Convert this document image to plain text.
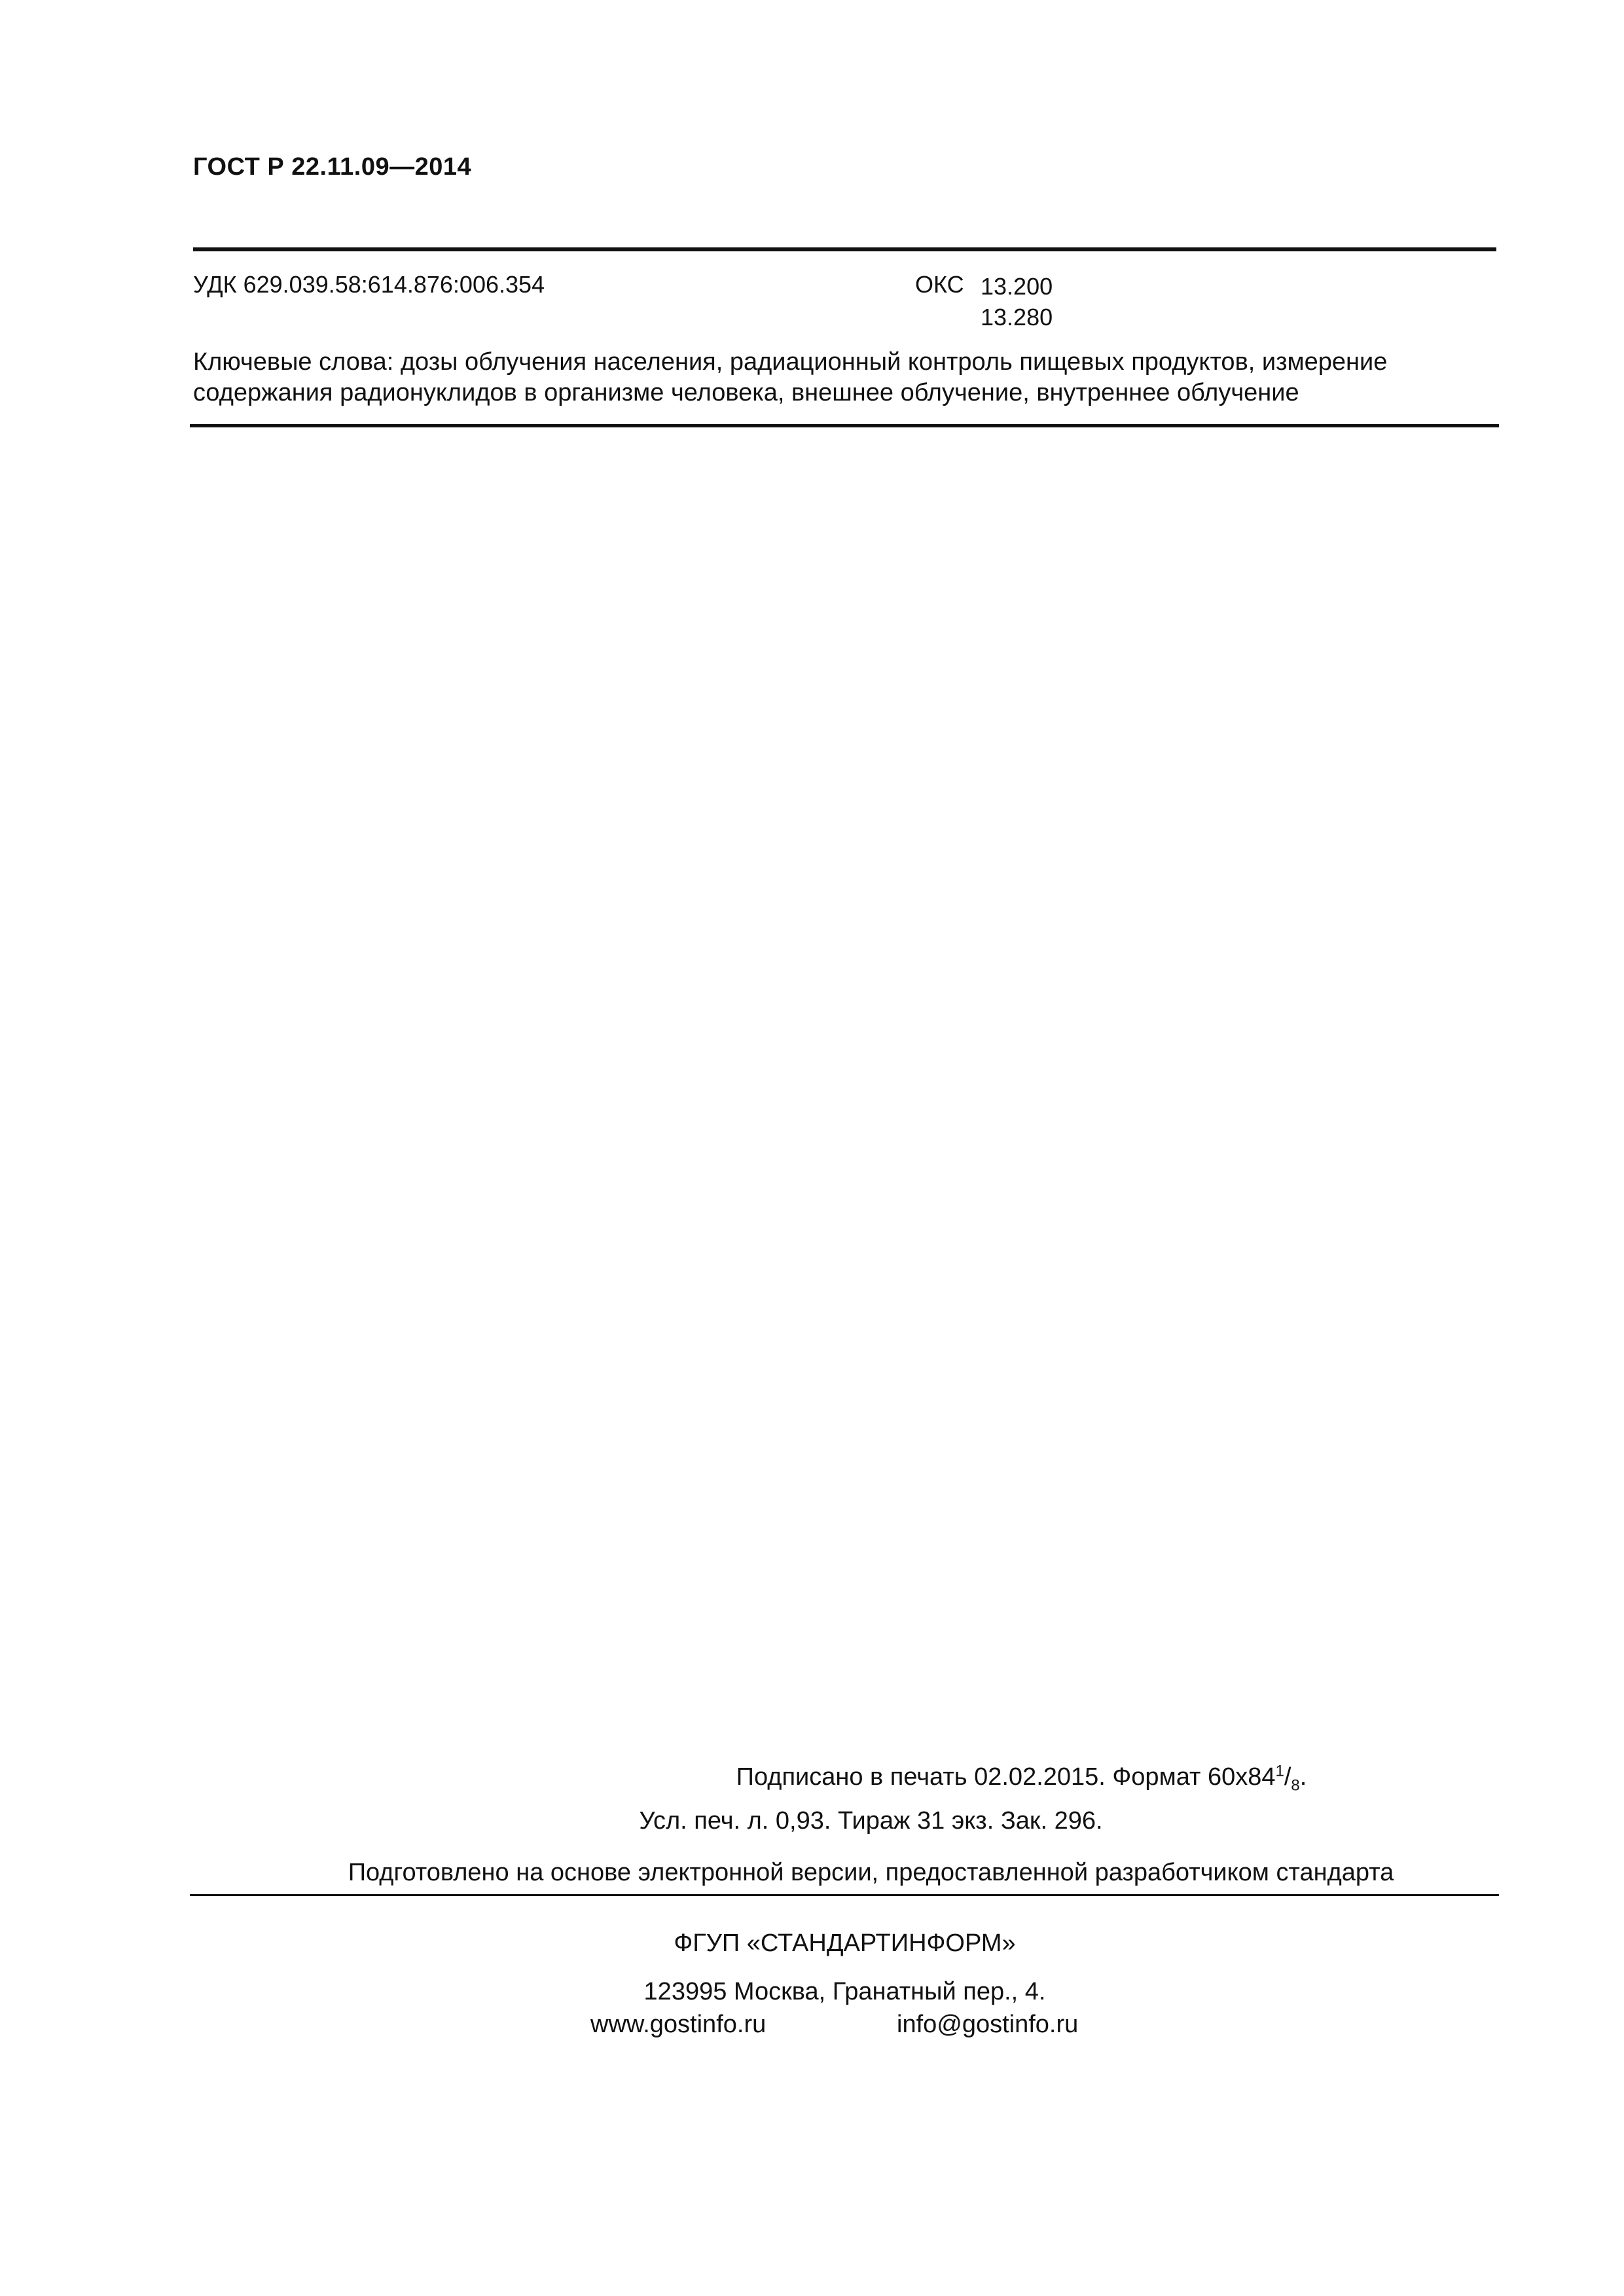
ГОСТ Р 22.11.09—2014
УДК 629.039.58:614.876:006.354	ОКС 13.200
13.280
Ключевые слова: дозы облучения населения, радиационный контроль пищевых продуктов, измерение
содержания радионуклидов в организме человека, внешнее облучение, внутреннее облучение
Подписано в печать 02.02.2015. Формат $60x84^1/_8$.
Усл. печ. л. 0,93. Тираж 31 экз. Зак. 296.
Подготовлено на основе электронной версии, предоставленной разработчиком стандарта
ФГУП «СТАНДАРТИНФОРМ»
123995 Москва, Гранатный пер., 4.
www.gostinfo.ru	info@gostinfo.ru
